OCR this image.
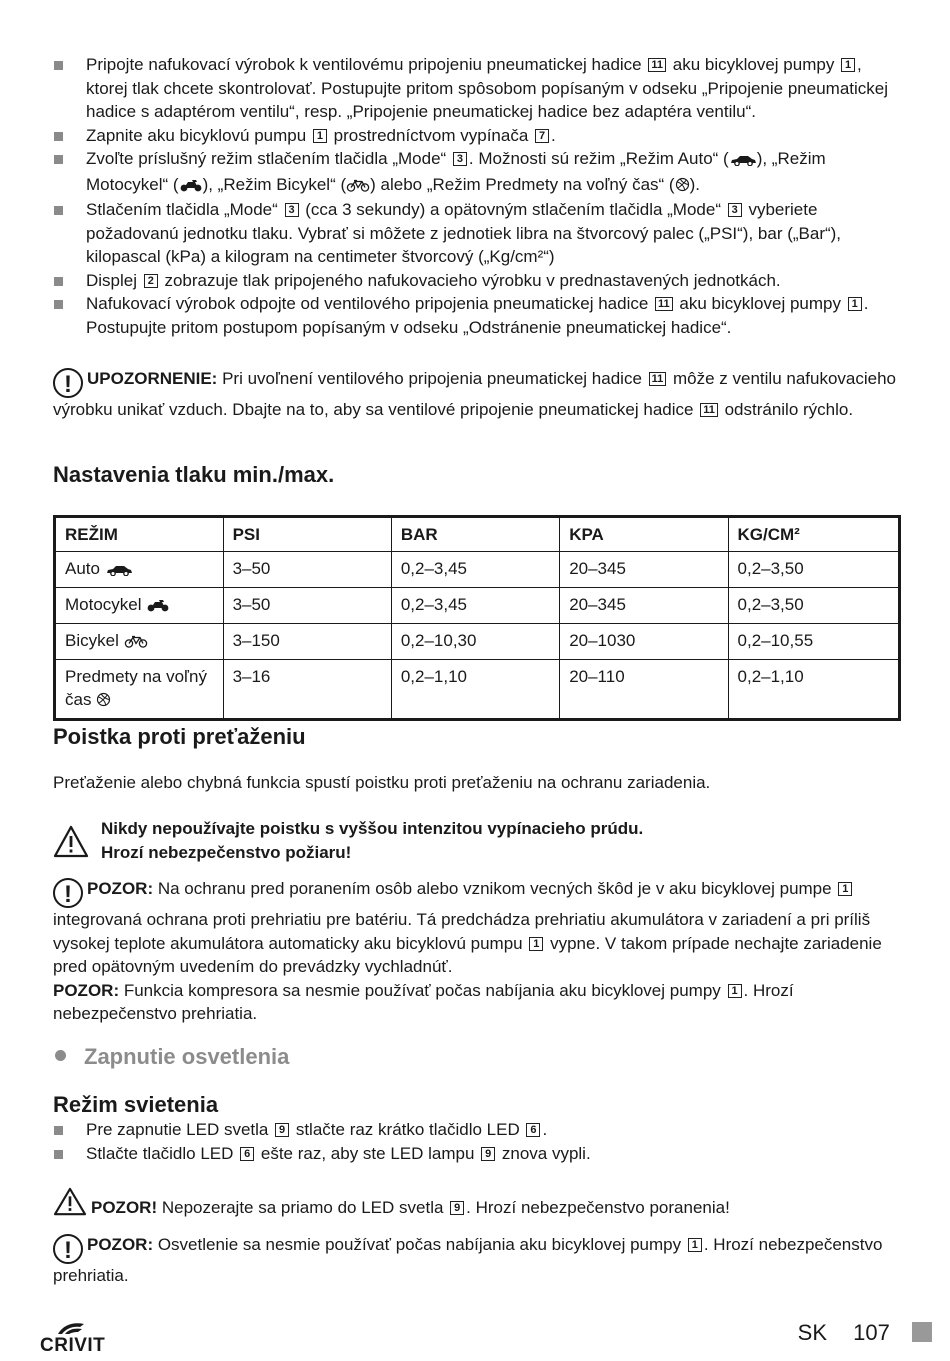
Pripojte nafukovací výrobok k ventilovému pripojeniu pneumatickej hadice 11 aku bicyklovej pumpy 1 , ktorej tlak chcete skontrolovať. Postupujte pritom spôsobom popísaným v odseku „Pripojenie pneumatickej hadice s adaptérom ventilu“, resp. „Pripojenie pneumatickej hadice bez adaptéra ventilu“.
Zapnite aku bicyklovú pumpu 1 prostredníctvom vypínača 7 .
Zvoľte príslušný režim stlačením tlačidla „Mode“ 3 . Možnosti sú režim „Režim Auto“ ( ), „Režim Motocykel“ ( ), „Režim Bicykel“ ( ) alebo „Režim Predmety na voľný čas“ ( ).
Stlačením tlačidla „Mode“ 3 (cca 3 sekundy) a opätovným stlačením tlačidla „Mode“ 3 vyberiete požadovanú jednotku tlaku. Vybrať si môžete z jednotiek libra na štvorcový palec („PSI“), bar („Bar“), kilopascal (kPa) a kilogram na centimeter štvorcový („Kg/cm²“)
Displej 2 zobrazuje tlak pripojeného nafukovacieho výrobku v prednastavených jednotkách.
Nafukovací výrobok odpojte od ventilového pripojenia pneumatickej hadice 11 aku bicyklovej pumpy 1 . Postupujte pritom postupom popísaným v odseku „Odstránenie pneumatickej hadice“.
! UPOZORNENIE: Pri uvoľnení ventilového pripojenia pneumatickej hadice 11 môže z ventilu nafukovacieho výrobku unikať vzduch. Dbajte na to, aby sa ventilové pripojenie pneumatickej hadice 11 odstránilo rýchlo.
Nastavenia tlaku min./max.
REŽIM	PSI	BAR	KPA	KG/CM²
Auto	3–50	0,2–3,45	20–345	0,2–3,50
Motocykel	3–50	0,2–3,45	20–345	0,2–3,50
Bicykel	3–150	0,2–10,30	20–1030	0,2–10,55
Predmety na voľný čas	3–16	0,2–1,10	20–110	0,2–1,10
Poistka proti preťaženiu
Preťaženie alebo chybná funkcia spustí poistku proti preťaženiu na ochranu zariadenia.
Nikdy nepoužívajte poistku s vyššou intenzitou vypínacieho prúdu.
Hrozí nebezpečenstvo požiaru!
! POZOR: Na ochranu pred poranením osôb alebo vznikom vecných škôd je v aku bicyklovej pumpe 1 integrovaná ochrana proti prehriatiu pre batériu. Tá predchádza prehriatiu akumulátora v zariadení a pri príliš vysokej teplote akumulátora automaticky aku bicyklovú pumpu 1 vypne. V takom prípade nechajte zariadenie pred opätovným uvedením do prevádzky vychladnúť.
POZOR: Funkcia kompresora sa nesmie používať počas nabíjania aku bicyklovej pumpy 1 . Hrozí nebezpečenstvo prehriatia.
Zapnutie osvetlenia
Režim svietenia
Pre zapnutie LED svetla 9 stlačte raz krátko tlačidlo LED 6 .
Stlačte tlačidlo LED 6 ešte raz, aby ste LED lampu 9 znova vypli.
POZOR! Nepozerajte sa priamo do LED svetla 9 . Hrozí nebezpečenstvo poranenia!
! POZOR: Osvetlenie sa nesmie používať počas nabíjania aku bicyklovej pumpy 1 . Hrozí nebezpečenstvo prehriatia.
CRIVIT
SK 107
